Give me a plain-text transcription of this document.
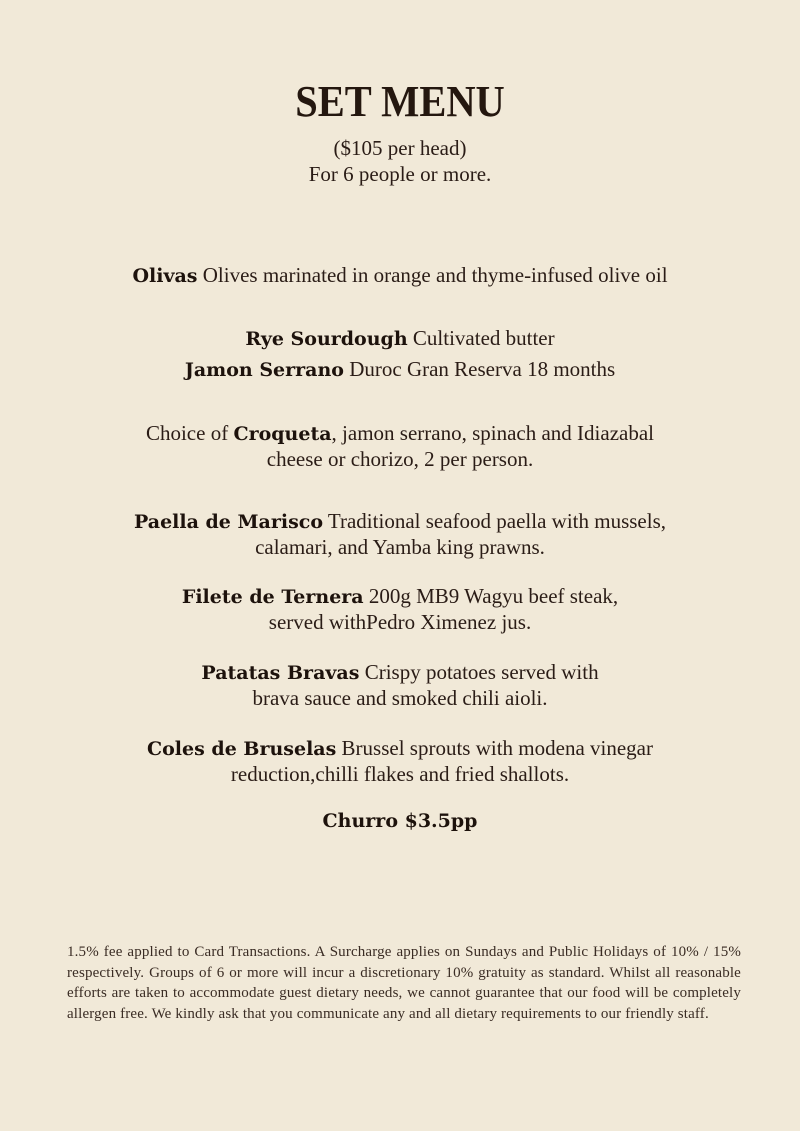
SET MENU
($105 per head)
For 6 people or more.
Olivas Olives marinated in orange and thyme-infused olive oil
Rye Sourdough Cultivated butter
Jamon Serrano Duroc Gran Reserva 18 months
Choice of Croqueta, jamon serrano, spinach and Idiazabal
cheese or chorizo, 2 per person.
Paella de Marisco Traditional seafood paella with mussels,
calamari, and Yamba king prawns.
Filete de Ternera 200g MB9 Wagyu beef steak,
served withPedro Ximenez jus.
Patatas Bravas Crispy potatoes served with
brava sauce and smoked chili aioli.
Coles de Bruselas Brussel sprouts with modena vinegar
reduction,chilli flakes and fried shallots.
Churro $3.5pp
1.5% fee applied to Card Transactions. A Surcharge applies on Sundays and Public Holidays of 10% / 15% respectively. Groups of 6 or more will incur a discretionary 10% gratuity as standard. Whilst all reasonable efforts are taken to accommodate guest dietary needs, we cannot guarantee that our food will be completely allergen free. We kindly ask that you communicate any and all dietary requirements to our friendly staff.
